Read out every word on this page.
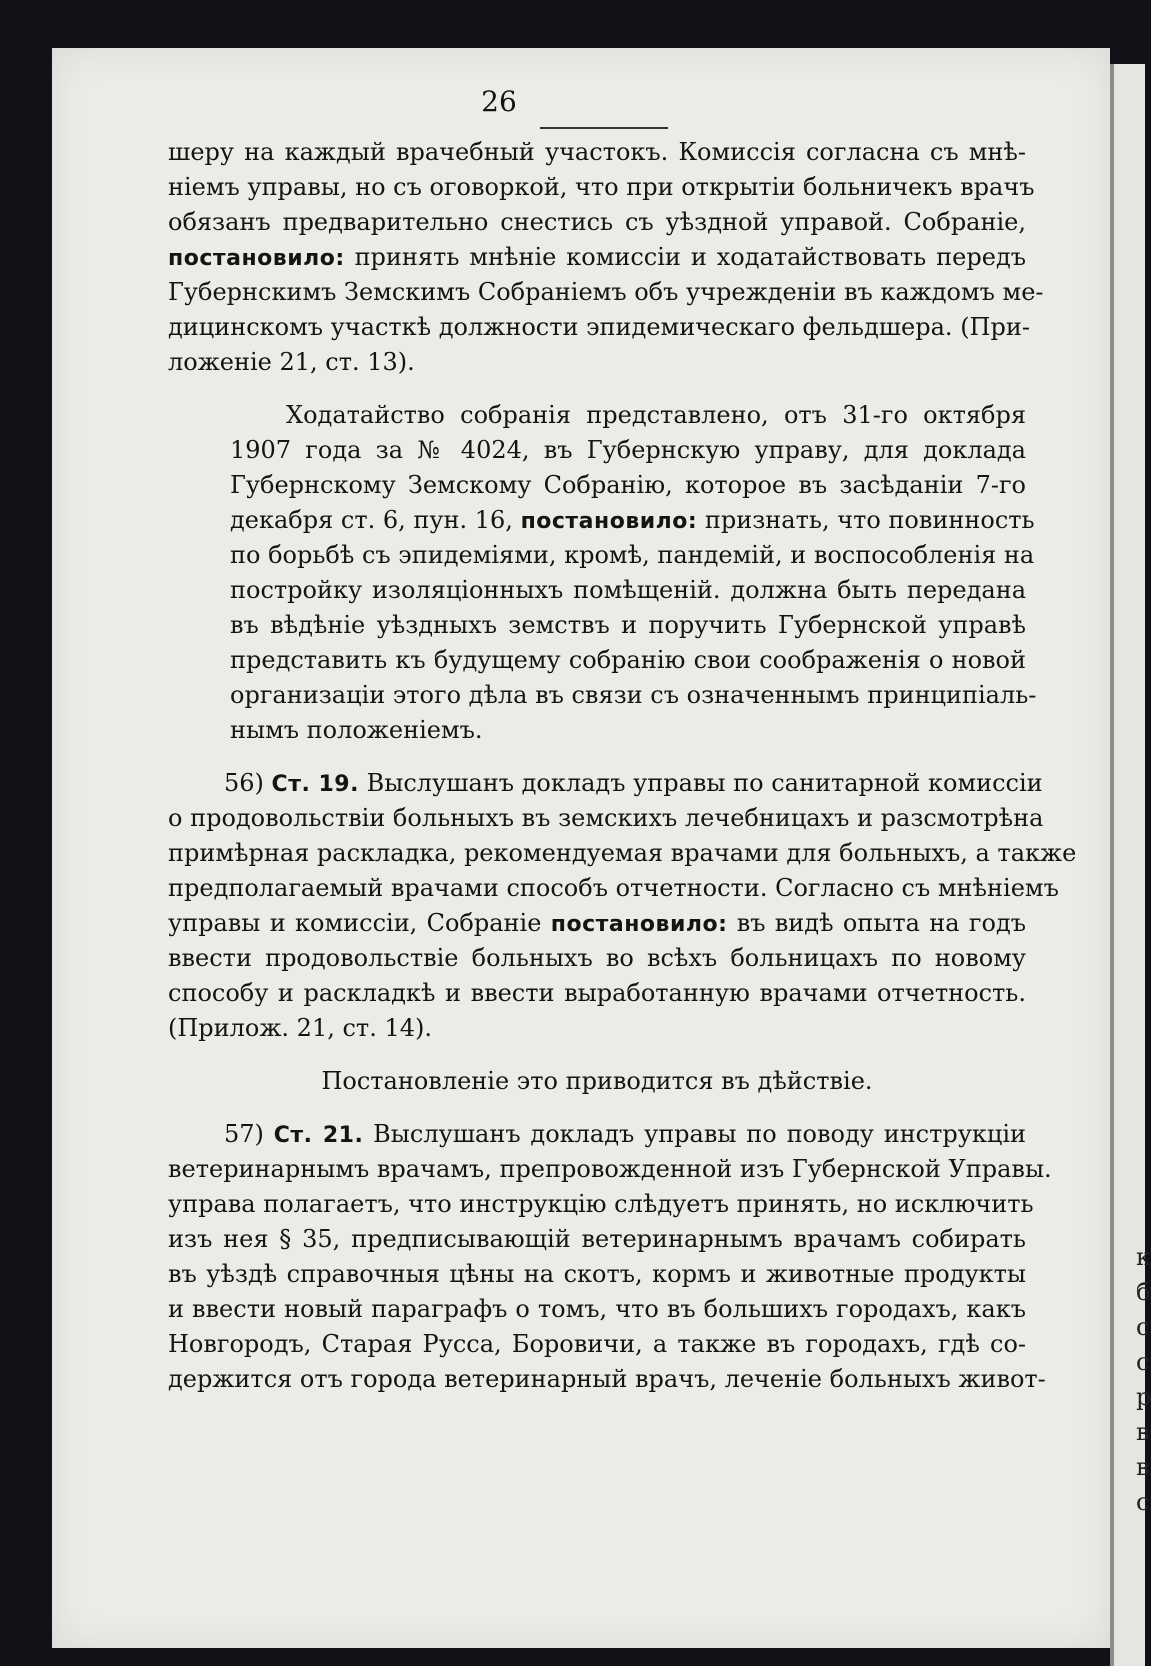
к
б
с
с
р
в
в
с
26
шеру на каждый врачебный участокъ. Комиссія согласна съ мнѣ-
ніемъ управы, но съ оговоркой, что при открытіи больничекъ врачъ
обязанъ предварительно снестись съ уѣздной управой. Собраніе,
постановило: принять мнѣніе комиссіи и ходатайствовать передъ
Губернскимъ Земскимъ Собраніемъ объ учрежденіи въ каждомъ ме-
дицинскомъ участкѣ должности эпидемическаго фельдшера. (При-
ложеніе 21, ст. 13).
Ходатайство собранія представлено, отъ 31-го октября
1907 года за № 4024, въ Губернскую управу, для доклада
Губернскому Земскому Собранію, которое въ засѣданіи 7-го
декабря ст. 6, пун. 16, постановило: признать, что повинность
по борьбѣ съ эпидеміями, кромѣ, пандемій, и воспособленія на
постройку изоляціонныхъ помѣщеній. должна быть передана
въ вѣдѣніе уѣздныхъ земствъ и поручить Губернской управѣ
представить къ будущему собранію свои соображенія о новой
организаціи этого дѣла въ связи съ означеннымъ принципіаль-
нымъ положеніемъ.
56) Ст. 19. Выслушанъ докладъ управы по санитарной комиссіи
о продовольствіи больныхъ въ земскихъ лечебницахъ и разсмотрѣна
примѣрная раскладка, рекомендуемая врачами для больныхъ, а также
предполагаемый врачами способъ отчетности. Согласно съ мнѣніемъ
управы и комиссіи, Собраніе постановило: въ видѣ опыта на годъ
ввести продовольствіе больныхъ во всѣхъ больницахъ по новому
способу и раскладкѣ и ввести выработанную врачами отчетность.
(Прилож. 21, ст. 14).
Постановленіе это приводится въ дѣйствіе.
57) Ст. 21. Выслушанъ докладъ управы по поводу инструкціи
ветеринарнымъ врачамъ, препровожденной изъ Губернской Управы.
управа полагаетъ, что инструкцію слѣдуетъ принять, но исключить
изъ нея § 35, предписывающій ветеринарнымъ врачамъ собирать
въ уѣздѣ справочныя цѣны на скотъ, кормъ и животные продукты
и ввести новый параграфъ о томъ, что въ большихъ городахъ, какъ
Новгородъ, Старая Русса, Боровичи, а также въ городахъ, гдѣ со-
держится отъ города ветеринарный врачъ, леченіе больныхъ живот-
